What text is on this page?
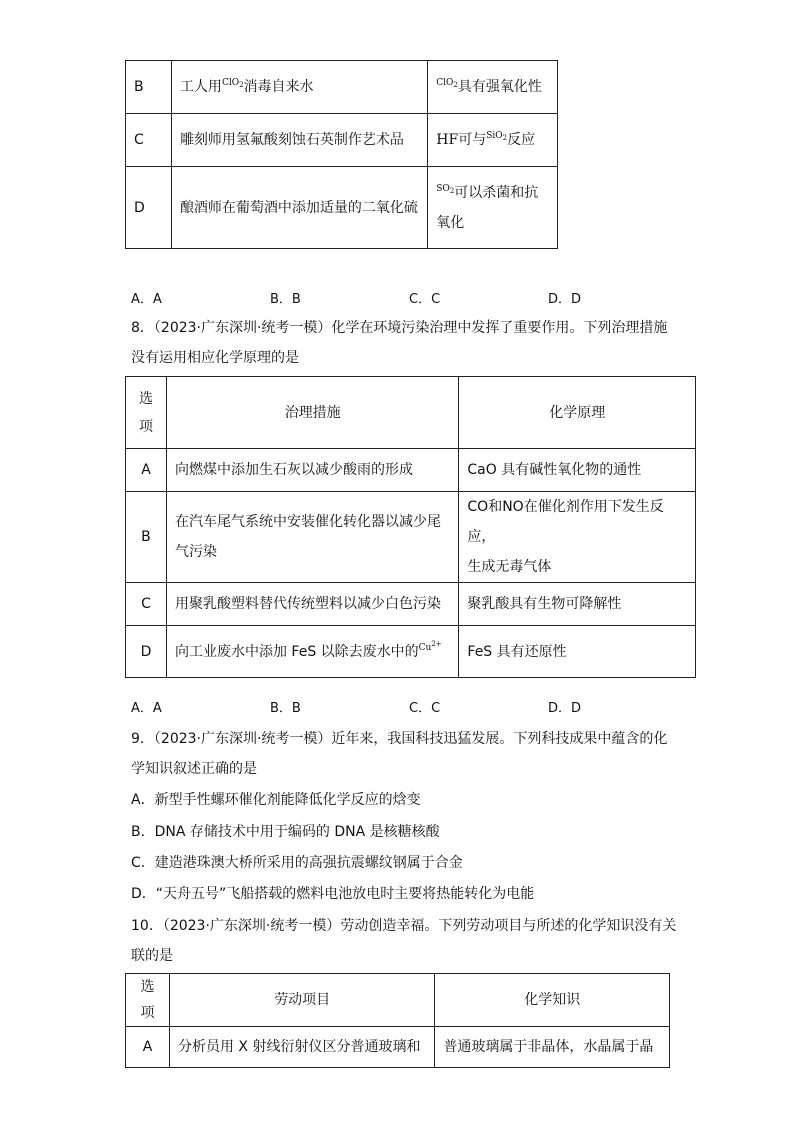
B	工人用$^{ClO_2}$消毒自来水	$^{ClO_2}$具有强氧化性
C	雕刻师用氢氟酸刻蚀石英制作艺术品	HF可与$^{SiO_2}$反应
D	酿酒师在葡萄酒中添加适量的二氧化硫	$^{SO_2}$可以杀菌和抗
氧化
A．A	B．B	C．C	D．D
8．（2023·广东深圳·统考一模）化学在环境污染治理中发挥了重要作用。下列治理措施
没有运用相应化学原理的是
选
项	治理措施	化学原理
A	向燃煤中添加生石灰以减少酸雨的形成	CaO 具有碱性氧化物的通性
B	在汽车尾气系统中安装催化转化器以减少尾
气污染	CO和NO在催化剂作用下发生反应，
生成无毒气体
C	用聚乳酸塑料替代传统塑料以减少白色污染	聚乳酸具有生物可降解性
D	向工业废水中添加 FeS 以除去废水中的$^{Cu^{2+}}$	FeS 具有还原性
A．A	B．B	C．C	D．D
9．（2023·广东深圳·统考一模）近年来，我国科技迅猛发展。下列科技成果中蕴含的化
学知识叙述正确的是
A．新型手性螺环催化剂能降低化学反应的焓变
B．DNA 存储技术中用于编码的 DNA 是核糖核酸
C．建造港珠澳大桥所采用的高强抗震螺纹钢属于合金
D．“天舟五号”飞船搭载的燃料电池放电时主要将热能转化为电能
10．（2023·广东深圳·统考一模）劳动创造幸福。下列劳动项目与所述的化学知识没有关
联的是
选项	劳动项目	化学知识
A	分析员用 X 射线衍射仪区分普通玻璃和	普通玻璃属于非晶体，水晶属于晶
